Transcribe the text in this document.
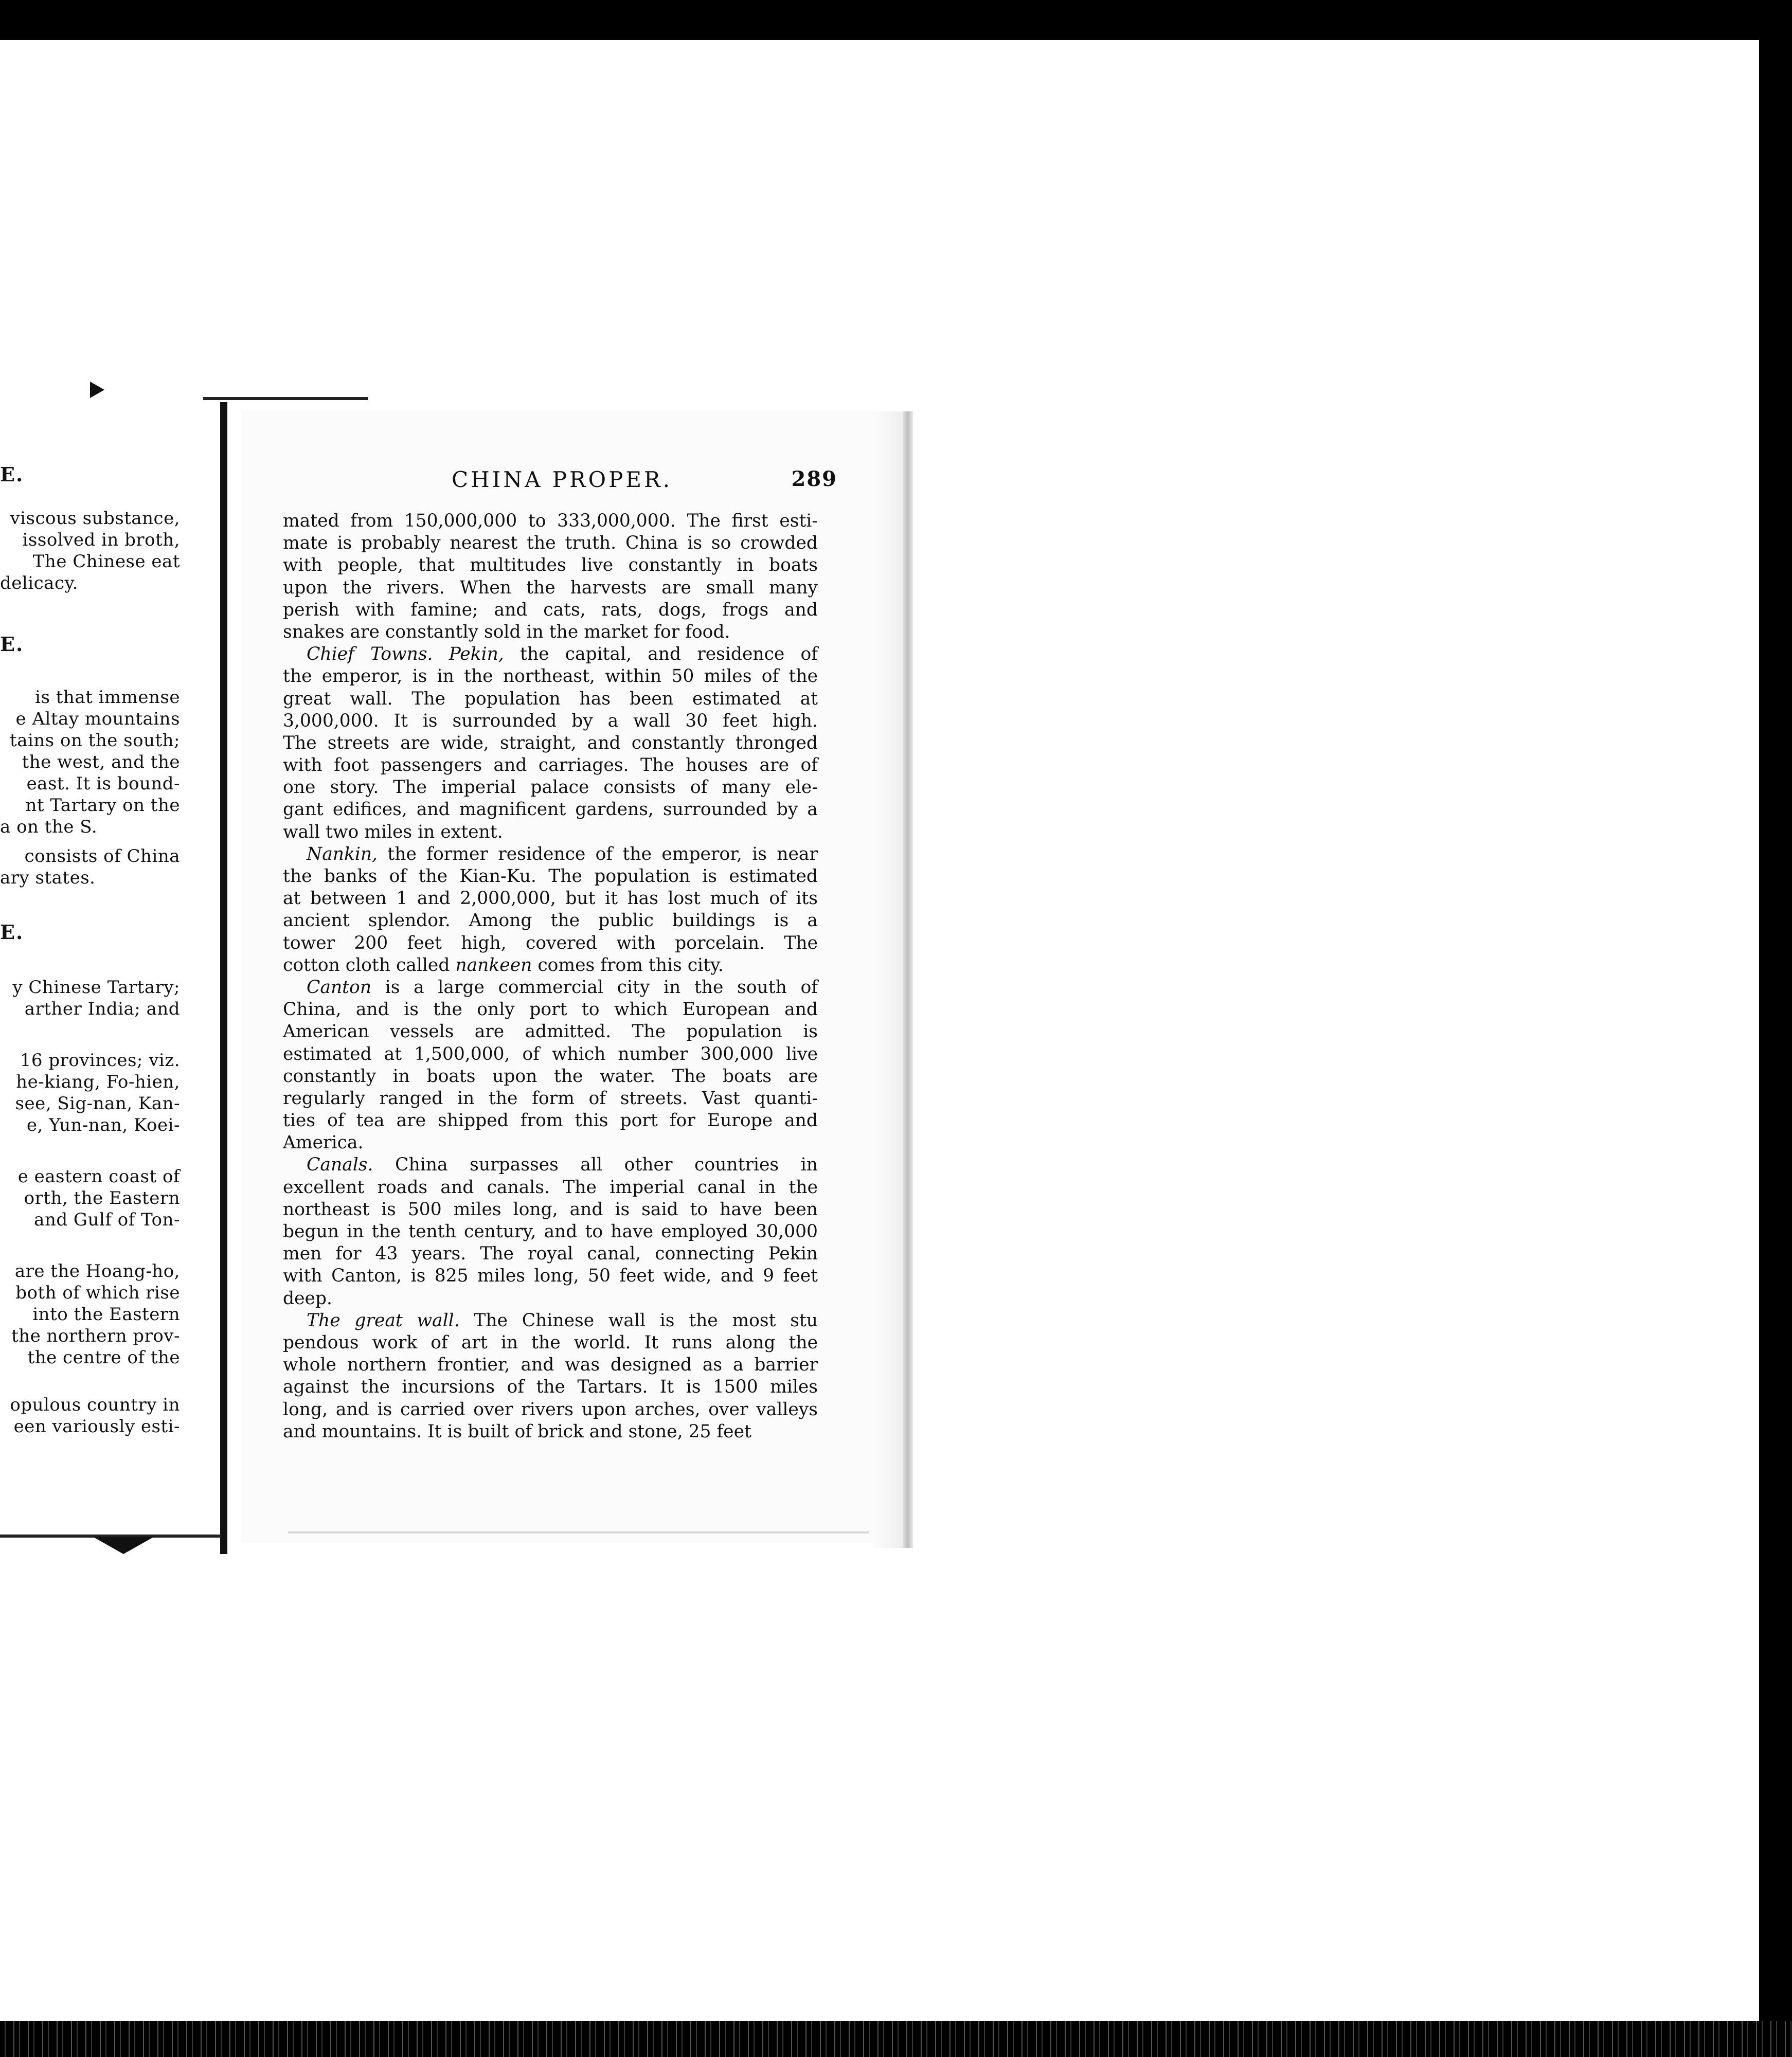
E.
viscous substance,
issolved in broth,
The Chinese eat
delicacy.
E.
is that immense
e Altay mountains
tains on the south;
the west, and the
east. It is bound-
nt Tartary on the
a on the S.
consists of China
ary states.
E.
y Chinese Tartary;
arther India; and
16 provinces; viz.
he-kiang, Fo-hien,
see, Sig-nan, Kan-
e, Yun-nan, Koei-
e eastern coast of
orth, the Eastern
and Gulf of Ton-
are the Hoang-ho,
both of which rise
into the Eastern
the northern prov-
the centre of the
opulous country in
een variously esti-
CHINA PROPER.	289
mated from 150,000,000 to 333,000,000. The first esti-
mate is probably nearest the truth. China is so crowded
with people, that multitudes live constantly in boats
upon the rivers. When the harvests are small many
perish with famine; and cats, rats, dogs, frogs and
snakes are constantly sold in the market for food.
Chief Towns. Pekin, the capital, and residence of
the emperor, is in the northeast, within 50 miles of the
great wall. The population has been estimated at
3,000,000. It is surrounded by a wall 30 feet high.
The streets are wide, straight, and constantly thronged
with foot passengers and carriages. The houses are of
one story. The imperial palace consists of many ele-
gant edifices, and magnificent gardens, surrounded by a
wall two miles in extent.
Nankin, the former residence of the emperor, is near
the banks of the Kian-Ku. The population is estimated
at between 1 and 2,000,000, but it has lost much of its
ancient splendor. Among the public buildings is a
tower 200 feet high, covered with porcelain. The
cotton cloth called nankeen comes from this city.
Canton is a large commercial city in the south of
China, and is the only port to which European and
American vessels are admitted. The population is
estimated at 1,500,000, of which number 300,000 live
constantly in boats upon the water. The boats are
regularly ranged in the form of streets. Vast quanti-
ties of tea are shipped from this port for Europe and
America.
Canals. China surpasses all other countries in
excellent roads and canals. The imperial canal in the
northeast is 500 miles long, and is said to have been
begun in the tenth century, and to have employed 30,000
men for 43 years. The royal canal, connecting Pekin
with Canton, is 825 miles long, 50 feet wide, and 9 feet
deep.
The great wall. The Chinese wall is the most stu
pendous work of art in the world. It runs along the
whole northern frontier, and was designed as a barrier
against the incursions of the Tartars. It is 1500 miles
long, and is carried over rivers upon arches, over valleys
and mountains. It is built of brick and stone, 25 feet
